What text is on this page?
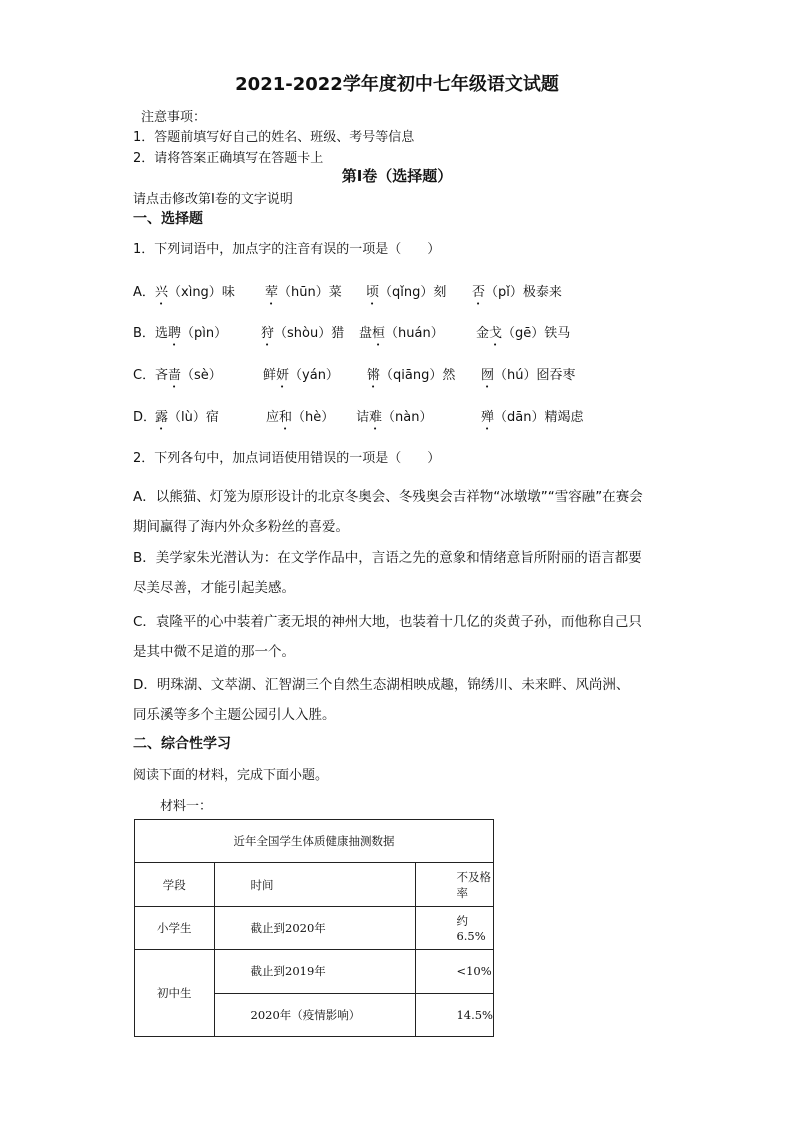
2021-2022学年度初中七年级语文试题
注意事项：
1．答题前填写好自己的姓名、班级、考号等信息
2．请将答案正确填写在答题卡上
第I卷（选择题）
请点击修改第I卷的文字说明
一、选择题
1．下列词语中，加点字的注音有误的一项是（　　）
A． 兴（xìng）味 荤（hūn）菜 顷（qǐng）刻 否（pǐ）极泰来
B． 选聘（pìn）	狩（shòu）猎 盘桓（huán） 金戈（gē）铁马
C． 吝啬（sè）	鲜妍（yán） 锵（qiāng）然 囫（hú）囵吞枣
D．
露（lù）宿	应和（hè） 诘难（nàn）	殚（dān）精竭虑
2．下列各句中，加点词语使用错误的一项是（　　）
A．以熊猫、灯笼为原形设计的北京冬奥会、冬残奥会吉祥物“冰墩墩”“雪容融”在赛会
期间赢得了海内外众多粉丝的喜爱。
B．美学家朱光潜认为：在文学作品中，言语之先的意象和情绪意旨所附丽的语言都要
尽美尽善，才能引起美感。
C．袁隆平的心中装着广袤无垠的神州大地，也装着十几亿的炎黄子孙，而他称自己只
是其中微不足道的那一个。
D．明珠湖、文萃湖、汇智湖三个自然生态湖相映成趣，锦绣川、未来畔、风尚洲、
同乐溪等多个主题公园引人入胜。
二、综合性学习
阅读下面的材料，完成下面小题。
材料一：
近年全国学生体质健康抽测数据		
学段	时间	不及格率
小学生	截止到2020年	约 6.5%
初中生	截止到2019年	<10%
	2020年（疫情影响）	14.5%
